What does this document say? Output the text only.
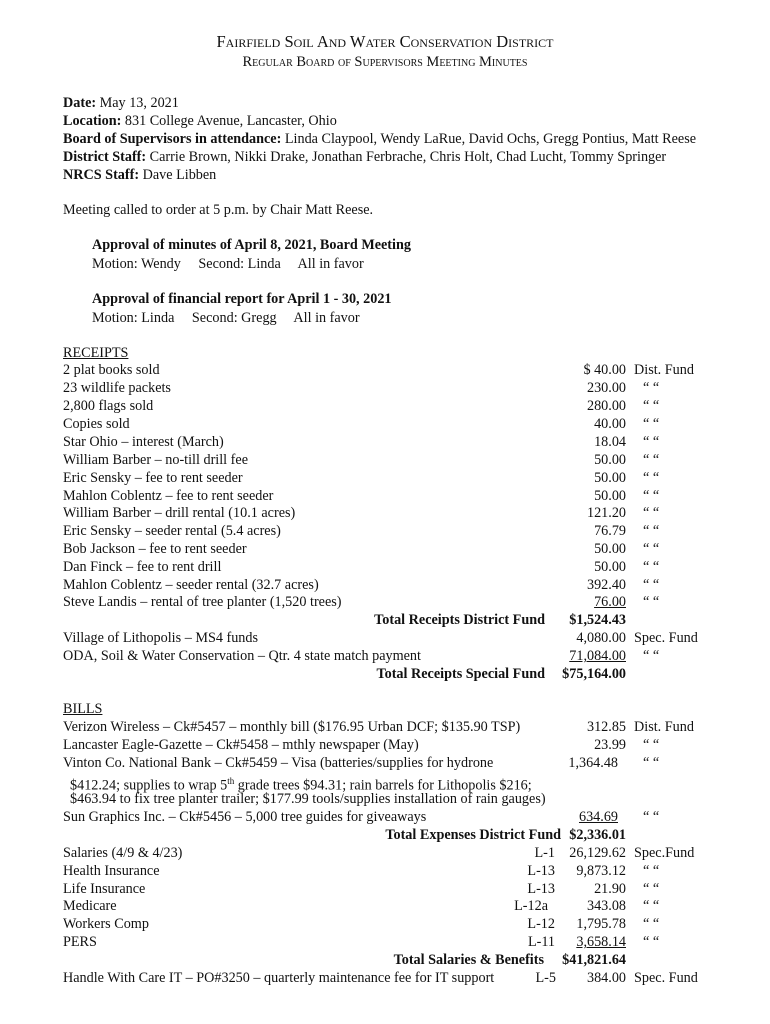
Fairfield Soil And Water Conservation District
Regular Board of Supervisors Meeting Minutes
Date: May 13, 2021
Location: 831 College Avenue, Lancaster, Ohio
Board of Supervisors in attendance: Linda Claypool, Wendy LaRue, David Ochs, Gregg Pontius, Matt Reese
District Staff: Carrie Brown, Nikki Drake, Jonathan Ferbrache, Chris Holt, Chad Lucht, Tommy Springer
NRCS Staff: Dave Libben
Meeting called to order at 5 p.m. by Chair Matt Reese.
Approval of minutes of April 8, 2021, Board Meeting
Motion: Wendy Second: Linda All in favor
Approval of financial report for April 1 - 30, 2021
Motion: Linda Second: Gregg All in favor
RECEIPTS
2 plat books sold	$ 40.00 Dist. Fund
23 wildlife packets	230.00 “ “
2,800 flags sold	280.00 “ “
Copies sold	40.00 “ “
Star Ohio – interest (March)	18.04 “ “
William Barber – no-till drill fee	50.00 “ “
Eric Sensky – fee to rent seeder	50.00 “ “
Mahlon Coblentz – fee to rent seeder	50.00 “ “
William Barber – drill rental (10.1 acres)	121.20 “ “
Eric Sensky – seeder rental (5.4 acres)	76.79 “ “
Bob Jackson – fee to rent seeder	50.00 “ “
Dan Finck – fee to rent drill	50.00 “ “
Mahlon Coblentz – seeder rental (32.7 acres)	392.40 “ “
Steve Landis – rental of tree planter (1,520 trees)	76.00 “ “
Total Receipts District Fund $1,524.43
Village of Lithopolis – MS4 funds	4,080.00 Spec. Fund
ODA, Soil & Water Conservation – Qtr. 4 state match payment	71,084.00 “ “
Total Receipts Special Fund $75,164.00
BILLS
Verizon Wireless – Ck#5457 – monthly bill ($176.95 Urban DCF; $135.90 TSP)	312.85 Dist. Fund
Lancaster Eagle-Gazette – Ck#5458 – mthly newspaper (May)	23.99 “ “
Vinton Co. National Bank – Ck#5459 – Visa (batteries/supplies for hydrone	1,364.48 “ “
$412.24; supplies to wrap 5th grade trees $94.31; rain barrels for Lithopolis $216;
$463.94 to fix tree planter trailer; $177.99 tools/supplies installation of rain gauges)
Sun Graphics Inc. – Ck#5456 – 5,000 tree guides for giveaways	634.69 “ “
Total Expenses District Fund $2,336.01
Salaries (4/9 & 4/23)	L-1 26,129.62 Spec.Fund
Health Insurance	L-13 9,873.12 “ “
Life Insurance	L-13	21.90 “ “
Medicare	L-12a	343.08 “ “
Workers Comp	L-12 1,795.78 “ “
PERS	L-11 3,658.14 “ “
Total Salaries & Benefits $41,821.64
Handle With Care IT – PO#3250 – quarterly maintenance fee for IT support	L-5 384.00 Spec. Fund
